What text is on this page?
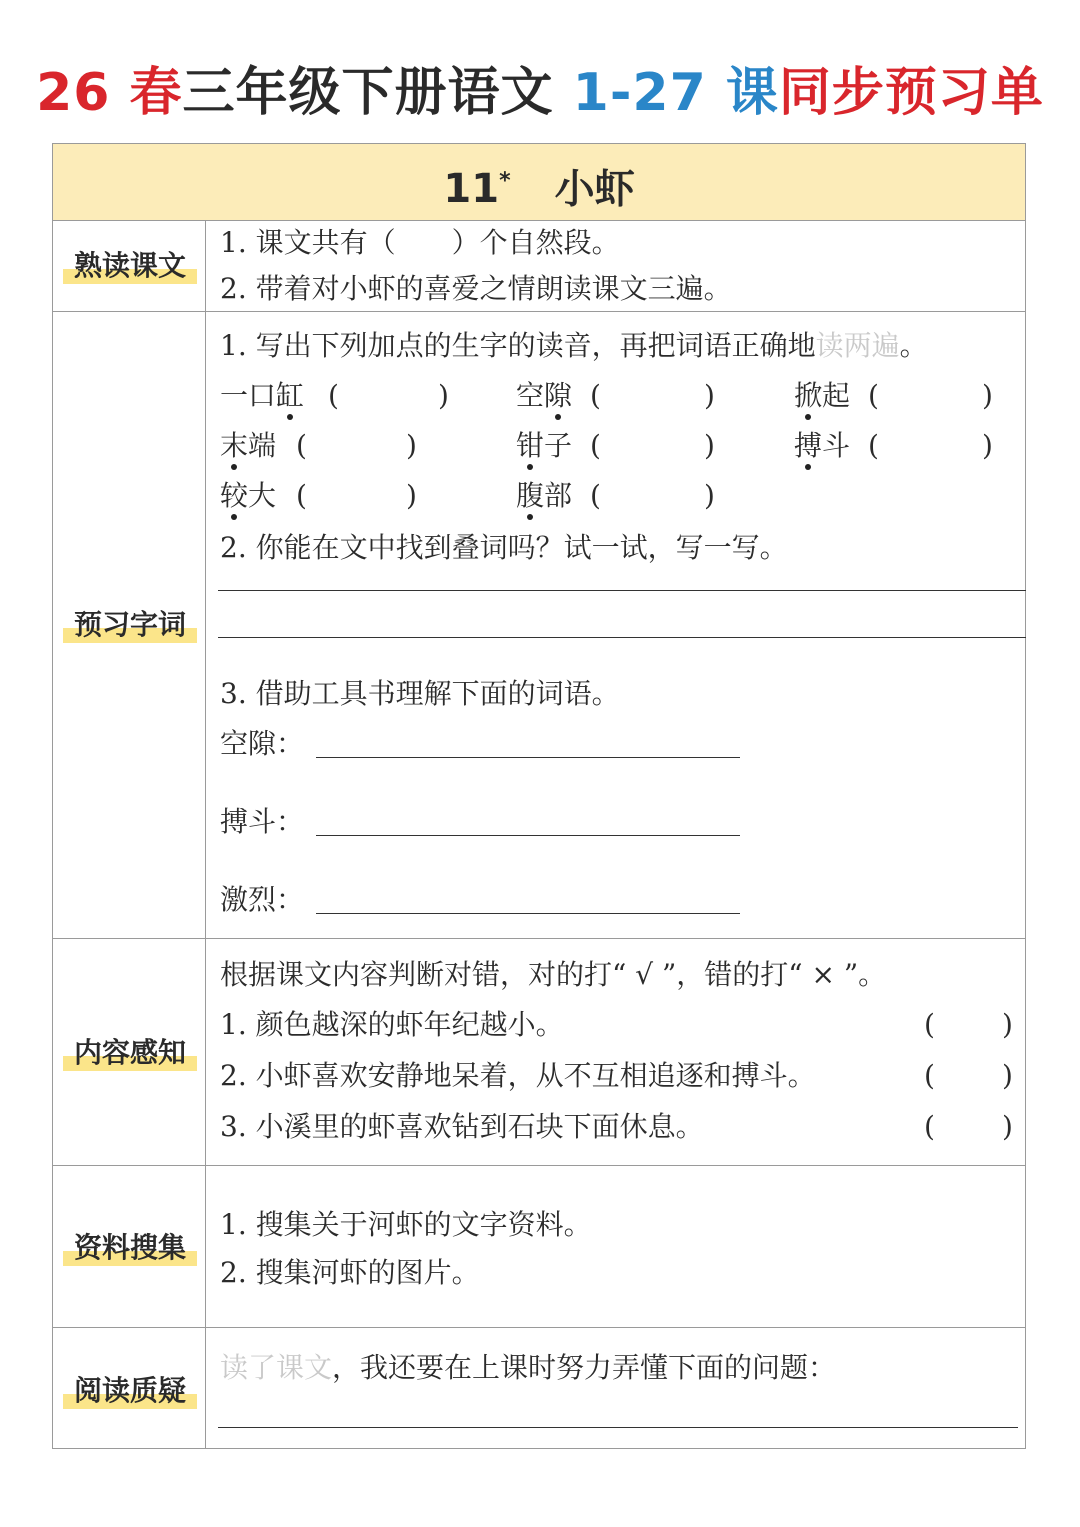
26 春三年级下册语文 1-27 课同步预习单
11* 小虾
熟读课文
1. 课文共有（　　）个自然段。
2. 带着对小虾的喜爱之情朗读课文三遍。
预习字词
1. 写出下列加点的生字的读音，再把词语正确地读两遍。
一口缸 (	) 空隙 (	)	掀起 (	)
末端 (	)	钳子 (	)	搏斗 (	)
较大 (	)	腹部 (	)
2. 你能在文中找到叠词吗？试一试，写一写。
3. 借助工具书理解下面的词语。
空隙：
搏斗：
激烈：
内容感知
根据课文内容判断对错，对的打“ √ ”，错的打“ × ”。
1. 颜色越深的虾年纪越小。	( )
2. 小虾喜欢安静地呆着，从不互相追逐和搏斗。	( )
3. 小溪里的虾喜欢钻到石块下面休息。	( )
资料搜集
1. 搜集关于河虾的文字资料。
2. 搜集河虾的图片。
阅读质疑
读了课文，我还要在上课时努力弄懂下面的问题：
